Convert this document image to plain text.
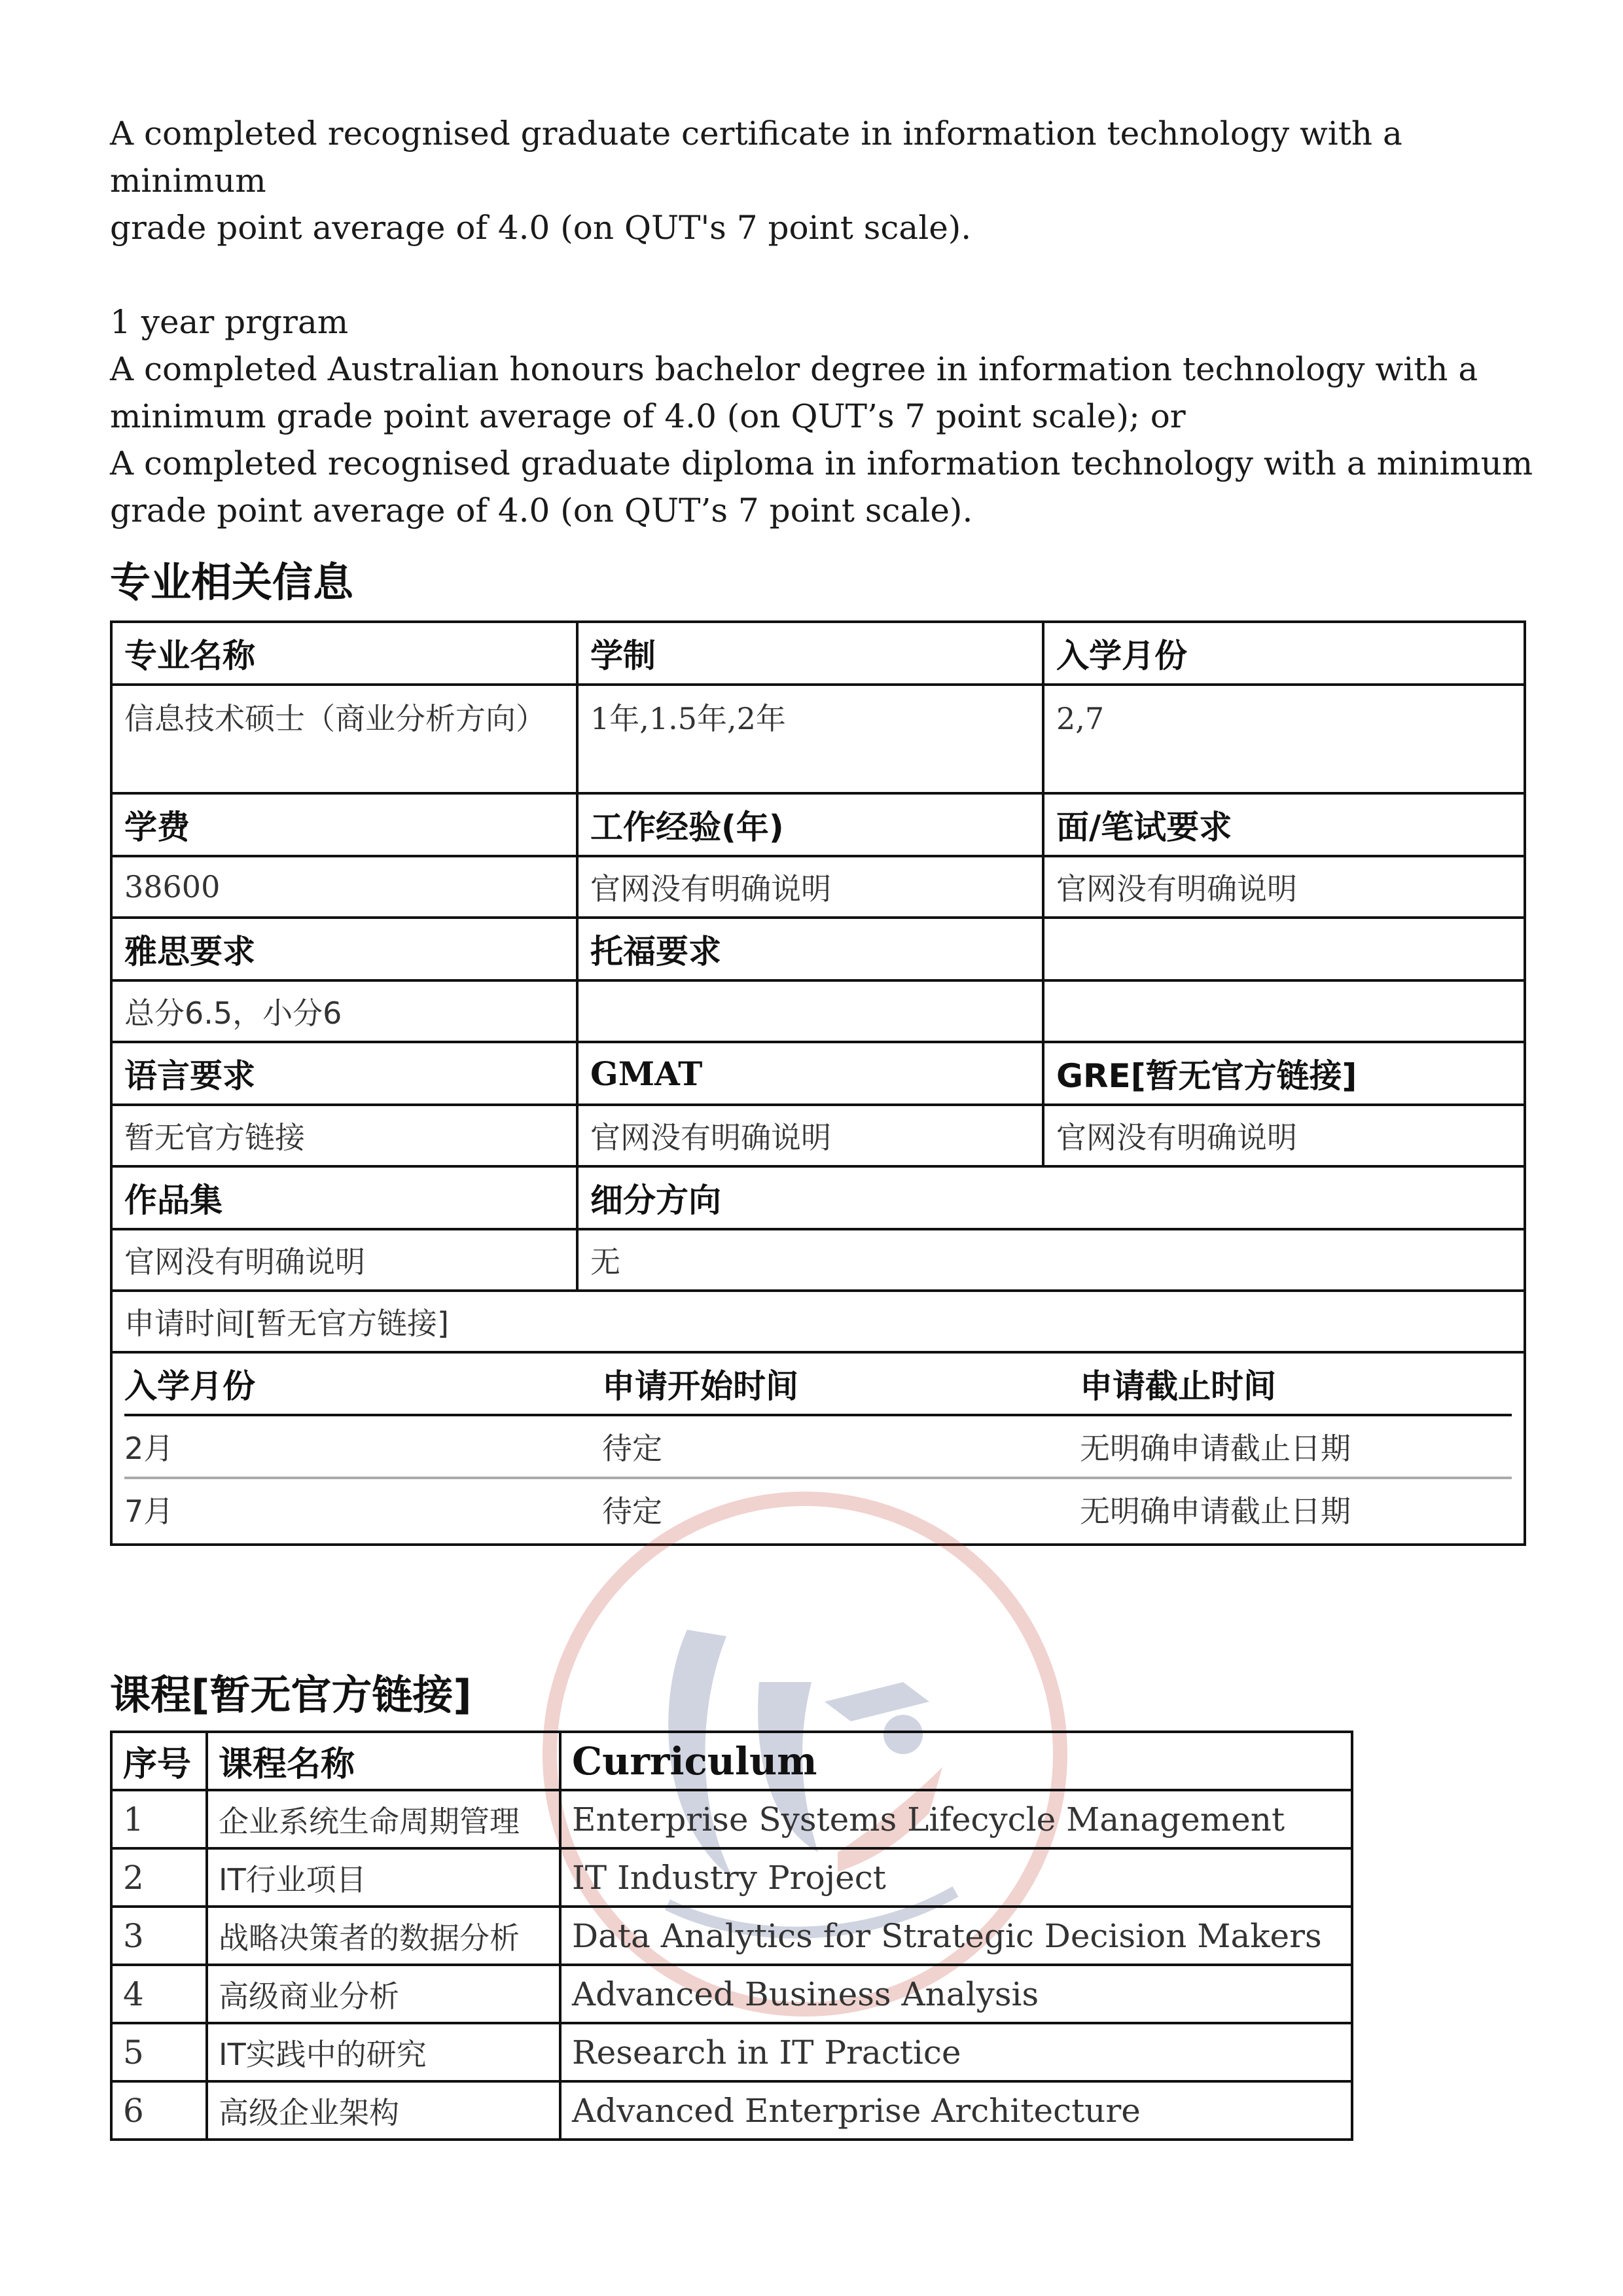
A completed recognised graduate certificate in information technology with a minimum

grade point average of 4.0 (on QUT's 7 point scale).

1 year prgram

A completed Australian honours bachelor degree in information technology with a

minimum grade point average of 4.0 (on QUT’s 7 point scale); or

A completed recognised graduate diploma in information technology with a minimum

grade point average of 4.0 (on QUT’s 7 point scale).

专业相关信息
专业名称	学制	入学月份
信息技术硕士（商业分析方向）	1年,1.5年,2年	2,7
学费	工作经验(年)	面/笔试要求
38600	官网没有明确说明	官网没有明确说明
雅思要求	托福要求	
总分6.5，小分6		
语言要求	GMAT	GRE[暂无官方链接]
暂无官方链接	官网没有明确说明	官网没有明确说明
作品集	细分方向
官网没有明确说明	无
申请时间[暂无官方链接]

入学月份	申请开始时间	申请截止时间
2月	待定	无明确申请截止日期
7月	待定	无明确申请截止日期
课程[暂无官方链接]
序号	课程名称	Curriculum
1	企业系统生命周期管理	Enterprise Systems Lifecycle Management
2	IT行业项目	IT Industry Project
3	战略决策者的数据分析	Data Analytics for Strategic Decision Makers
4	高级商业分析	Advanced Business Analysis
5	IT实践中的研究	Research in IT Practice
6	高级企业架构	Advanced Enterprise Architecture
